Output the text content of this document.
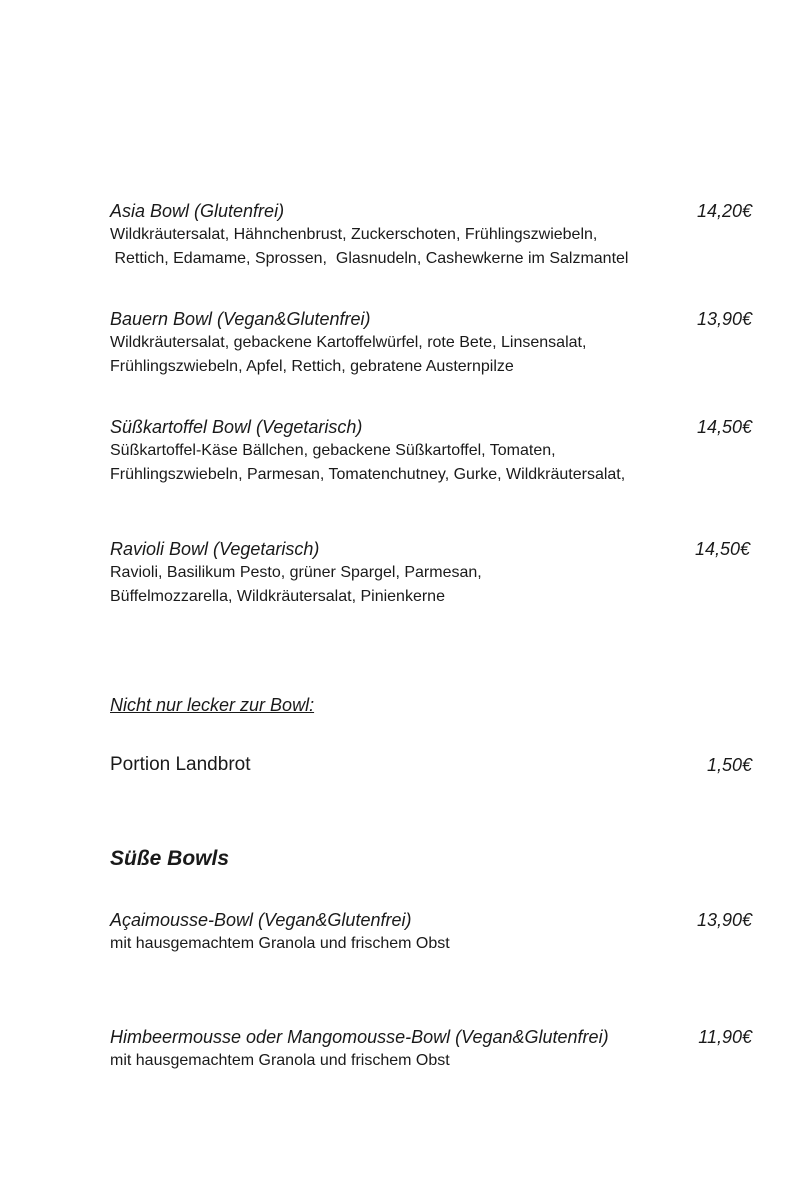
Asia Bowl (Glutenfrei)	14,20€
Wildkräutersalat, Hähnchenbrust, Zuckerschoten, Frühlingszwiebeln,
Rettich, Edamame, Sprossen,  Glasnudeln, Cashewkerne im Salzmantel
Bauern Bowl (Vegan&Glutenfrei)	13,90€
Wildkräutersalat, gebackene Kartoffelwürfel, rote Bete, Linsensalat,
Frühlingszwiebeln, Apfel, Rettich, gebratene Austernpilze
Süßkartoffel Bowl (Vegetarisch)	14,50€
Süßkartoffel-Käse Bällchen, gebackene Süßkartoffel, Tomaten,
Frühlingszwiebeln, Parmesan, Tomatenchutney, Gurke, Wildkräutersalat,
Ravioli Bowl (Vegetarisch)	14,50€
Ravioli, Basilikum Pesto, grüner Spargel, Parmesan,
Büffelmozzarella, Wildkräutersalat, Pinienkerne
Nicht nur lecker zur Bowl:
Portion Landbrot	1,50€
Süße Bowls
Açaimousse-Bowl (Vegan&Glutenfrei)	13,90€
mit hausgemachtem Granola und frischem Obst
Himbeermousse oder Mangomousse-Bowl (Vegan&Glutenfrei)	11,90€
mit hausgemachtem Granola und frischem Obst
